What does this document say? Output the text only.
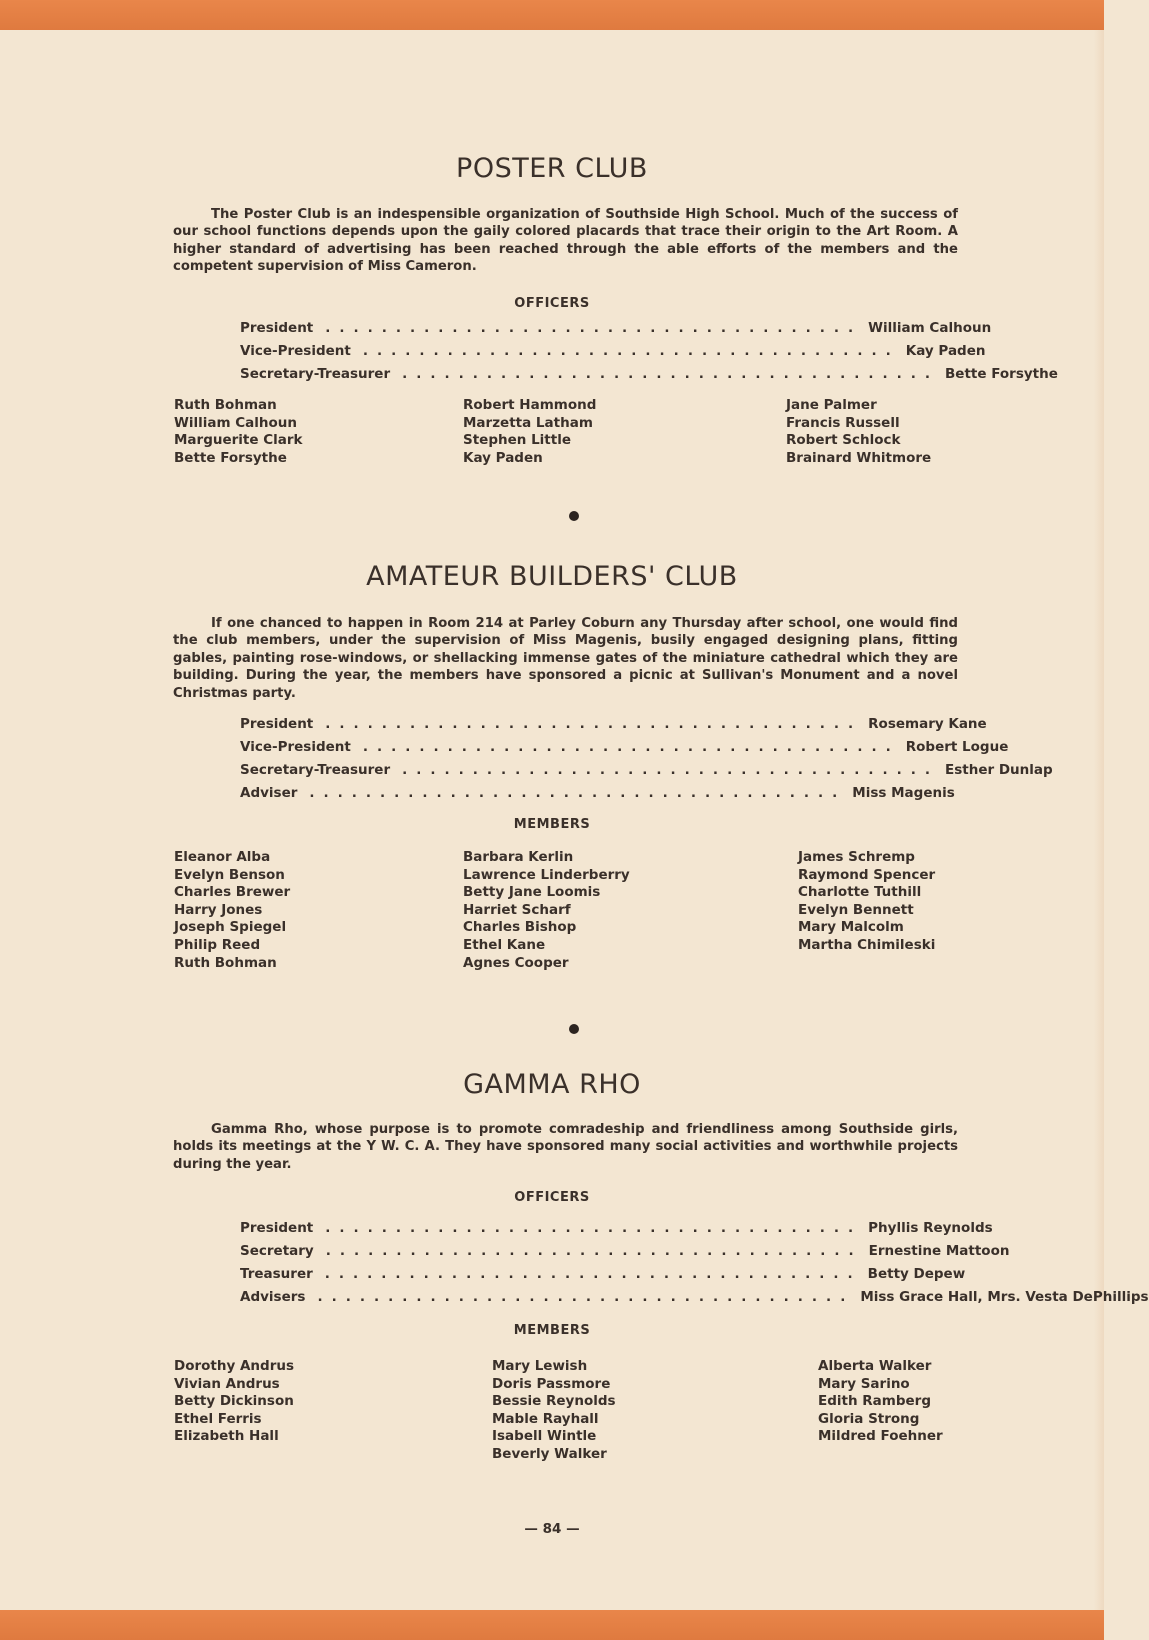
POSTER CLUB
The Poster Club is an indespensible organization of Southside High School. Much of the success of our school functions depends upon the gaily colored placards that trace their origin to the Art Room. A higher standard of advertising has been reached through the able efforts of the members and the competent supervision of Miss Cameron.
OFFICERS
President ...................................... William Calhoun
Vice-President ...................................... Kay Paden
Secretary-Treasurer ...................................... Bette Forsythe
Ruth Bohman
William Calhoun
Marguerite Clark
Bette Forsythe
Robert Hammond
Marzetta Latham
Stephen Little
Kay Paden
Jane Palmer
Francis Russell
Robert Schlock
Brainard Whitmore
AMATEUR BUILDERS' CLUB
If one chanced to happen in Room 214 at Parley Coburn any Thursday after school, one would find the club members, under the supervision of Miss Magenis, busily engaged designing plans, fitting gables, painting rose-windows, or shellacking immense gates of the miniature cathedral which they are building. During the year, the members have sponsored a picnic at Sullivan's Monument and a novel Christmas party.
President ...................................... Rosemary Kane
Vice-President ...................................... Robert Logue
Secretary-Treasurer ...................................... Esther Dunlap
Adviser ...................................... Miss Magenis
MEMBERS
Eleanor Alba
Evelyn Benson
Charles Brewer
Harry Jones
Joseph Spiegel
Philip Reed
Ruth Bohman
Barbara Kerlin
Lawrence Linderberry
Betty Jane Loomis
Harriet Scharf
Charles Bishop
Ethel Kane
Agnes Cooper
James Schremp
Raymond Spencer
Charlotte Tuthill
Evelyn Bennett
Mary Malcolm
Martha Chimileski
GAMMA RHO
Gamma Rho, whose purpose is to promote comradeship and friendliness among Southside girls, holds its meetings at the Y W. C. A. They have sponsored many social activities and worthwhile projects during the year.
OFFICERS
President ...................................... Phyllis Reynolds
Secretary ...................................... Ernestine Mattoon
Treasurer ...................................... Betty Depew
Advisers ...................................... Miss Grace Hall, Mrs. Vesta DePhillips
MEMBERS
Dorothy Andrus
Vivian Andrus
Betty Dickinson
Ethel Ferris
Elizabeth Hall
Mary Lewish
Doris Passmore
Bessie Reynolds
Mable Rayhall
Isabell Wintle
Beverly Walker
Alberta Walker
Mary Sarino
Edith Ramberg
Gloria Strong
Mildred Foehner
— 84 —
